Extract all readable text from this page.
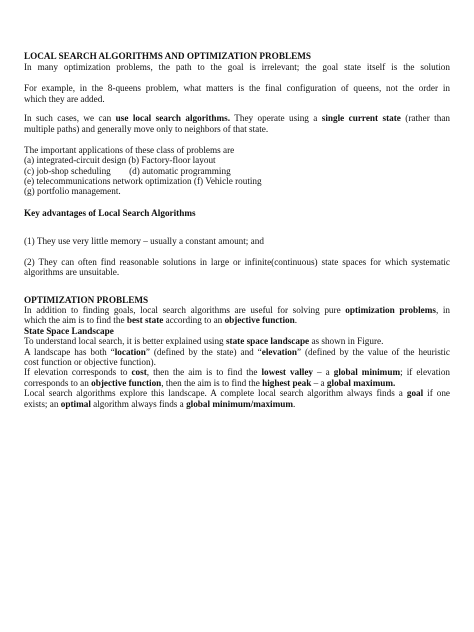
LOCAL SEARCH ALGORITHMS AND OPTIMIZATION PROBLEMS
In many optimization problems, the path to the goal is irrelevant; the goal state itself is the solution
For example, in the 8-queens problem, what matters is the final configuration of queens, not the order in
which they are added.
In such cases, we can use local search algorithms. They operate using a single current state (rather than
multiple paths) and generally move only to neighbors of that state.
The important applications of these class of problems are
(a) integrated-circuit design (b) Factory-floor layout
(c) job-shop scheduling        (d) automatic programming
(e) telecommunications network optimization (f) Vehicle routing
(g) portfolio management.
Key advantages of Local Search Algorithms
(1) They use very little memory – usually a constant amount; and
(2) They can often find reasonable solutions in large or infinite(continuous) state spaces for which systematic
algorithms are unsuitable.
OPTIMIZATION PROBLEMS
In addition to finding goals, local search algorithms are useful for solving pure optimization problems, in
which the aim is to find the best state according to an objective function.
State Space Landscape
To understand local search, it is better explained using state space landscape as shown in Figure.
A landscape has both “location” (defined by the state) and “elevation” (defined by the value of the heuristic
cost function or objective function).
If elevation corresponds to cost, then the aim is to find the lowest valley – a global minimum; if elevation
corresponds to an objective function, then the aim is to find the highest peak – a global maximum.
Local search algorithms explore this landscape. A complete local search algorithm always finds a goal if one
exists; an optimal algorithm always finds a global minimum/maximum.
